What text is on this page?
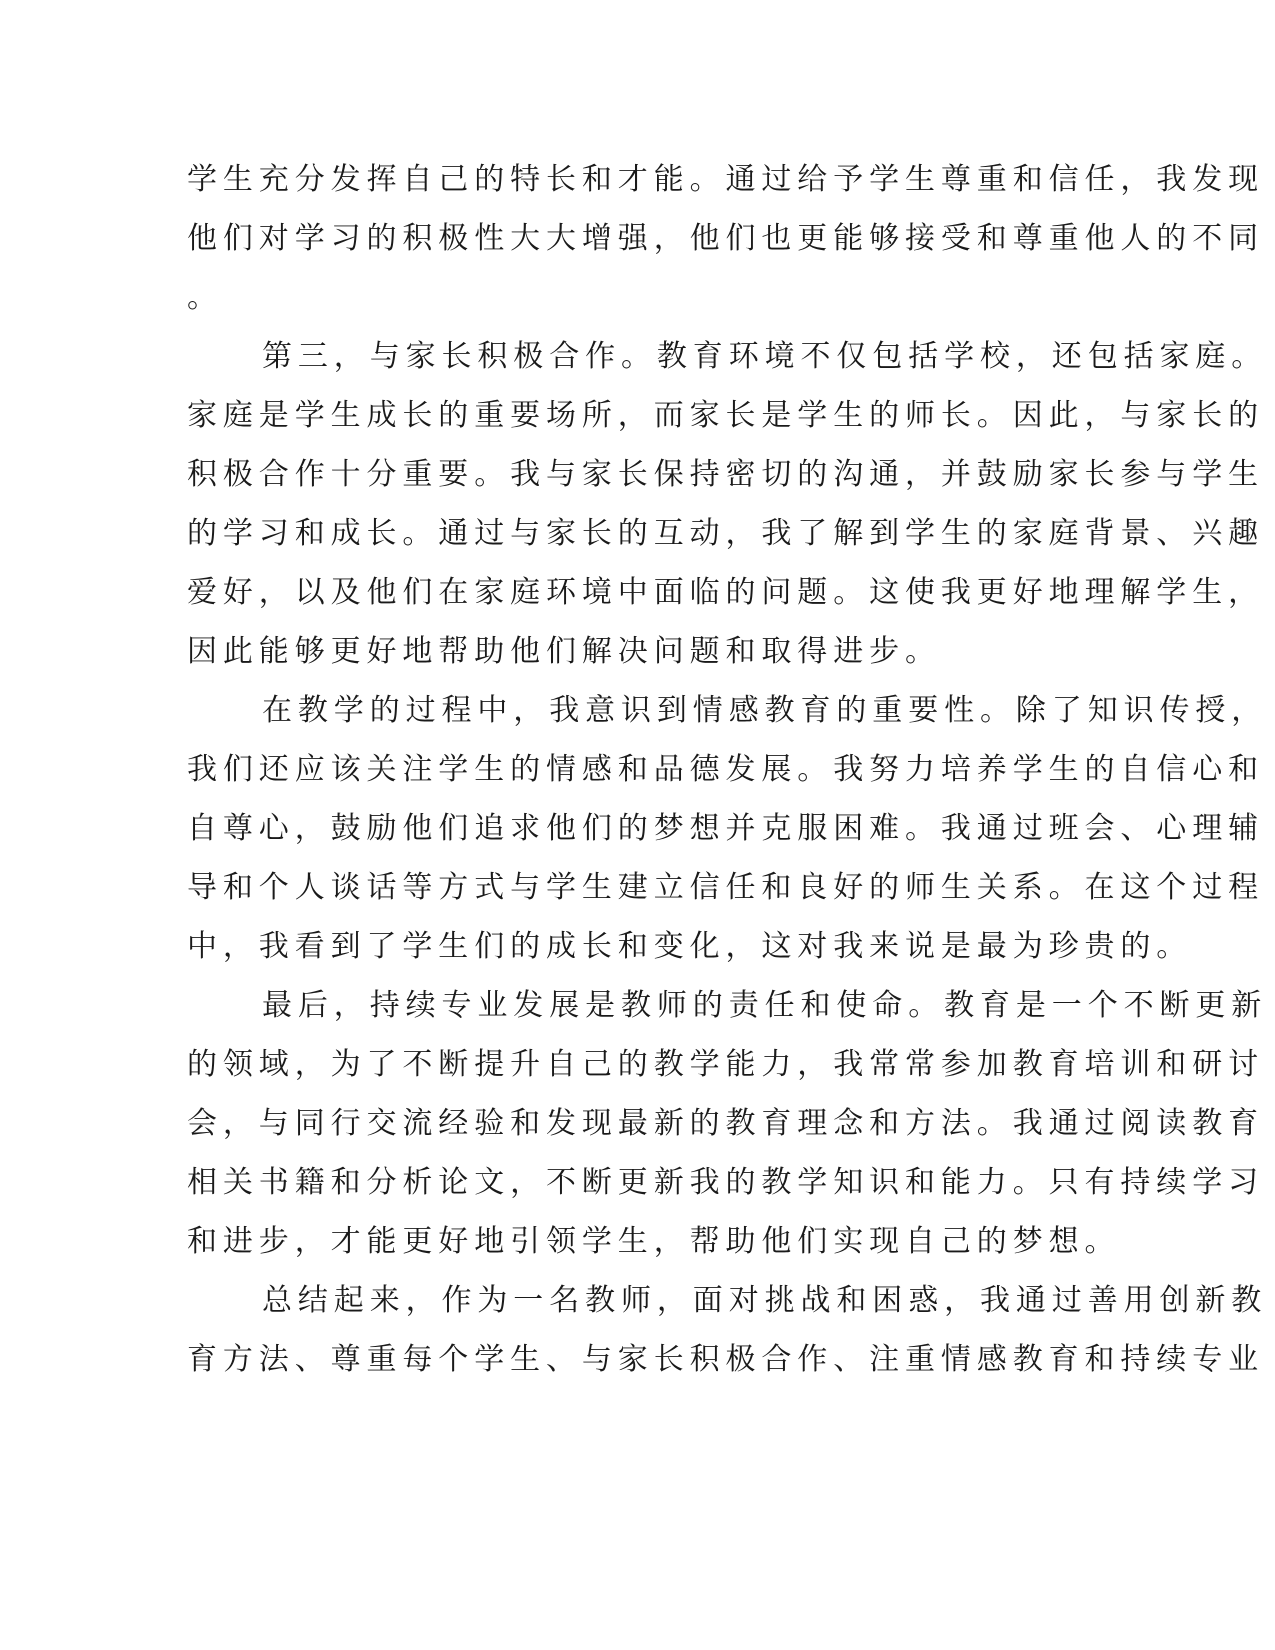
学生充分发挥自己的特长和才能。通过给予学生尊重和信任，我发现
他们对学习的积极性大大增强，他们也更能够接受和尊重他人的不同
。
第三，与家长积极合作。教育环境不仅包括学校，还包括家庭。
家庭是学生成长的重要场所，而家长是学生的师长。因此，与家长的
积极合作十分重要。我与家长保持密切的沟通，并鼓励家长参与学生
的学习和成长。通过与家长的互动，我了解到学生的家庭背景、兴趣
爱好，以及他们在家庭环境中面临的问题。这使我更好地理解学生，
因此能够更好地帮助他们解决问题和取得进步。
在教学的过程中，我意识到情感教育的重要性。除了知识传授，
我们还应该关注学生的情感和品德发展。我努力培养学生的自信心和
自尊心，鼓励他们追求他们的梦想并克服困难。我通过班会、心理辅
导和个人谈话等方式与学生建立信任和良好的师生关系。在这个过程
中，我看到了学生们的成长和变化，这对我来说是最为珍贵的。
最后，持续专业发展是教师的责任和使命。教育是一个不断更新
的领域，为了不断提升自己的教学能力，我常常参加教育培训和研讨
会，与同行交流经验和发现最新的教育理念和方法。我通过阅读教育
相关书籍和分析论文，不断更新我的教学知识和能力。只有持续学习
和进步，才能更好地引领学生，帮助他们实现自己的梦想。
总结起来，作为一名教师，面对挑战和困惑，我通过善用创新教
育方法、尊重每个学生、与家长积极合作、注重情感教育和持续专业
